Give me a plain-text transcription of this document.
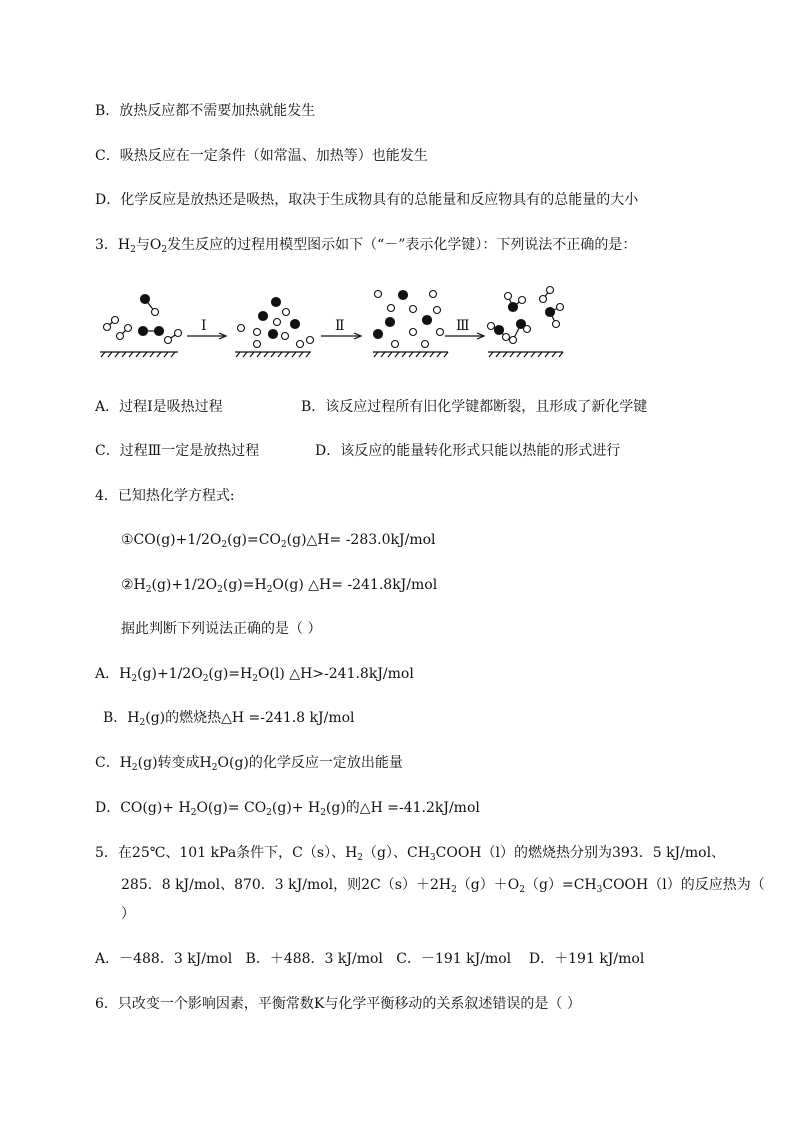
B．放热反应都不需要加热就能发生
C．吸热反应在一定条件（如常温、加热等）也能发生
D．化学反应是放热还是吸热，取决于生成物具有的总能量和反应物具有的总能量的大小
3．$H_2$与$O_2$发生反应的过程用模型图示如下（“－”表示化学键）：下列说法不正确的是：
Ⅰ	Ⅱ	Ⅲ
A．过程Ⅰ是吸热过程	B．该反应过程所有旧化学键都断裂，且形成了新化学键
C．过程Ⅲ一定是放热过程	D．该反应的能量转化形式只能以热能的形式进行
4．已知热化学方程式:
$①CO(g)+1/2O_2(g)=CO_2(g)\triangle H= -283.0kJ/mol$
$②H_2(g)+1/2O_2(g)=H_2O(g)$ △H= -241.8kJ/mol
据此判断下列说法正确的是（ ）
A．$H_2(g)+1/2O_2(g)=H_2O(l)$ △H>-241.8kJ/mol
B．$H_2(g)$的燃烧热△H =-241.8 kJ/mol
C．$H_2(g)$转变成$H_2O(g)$的化学反应一定放出能量
D．$CO(g)+ H_2O(g)= CO_2(g)+ H_2(g)$的△H =-41.2kJ/mol
5．在25℃、101 kPa条件下，C（s）、$H_2(g)$、$CH_3COOH(l)$的燃烧热分别为393．5 kJ/mol、
285．8 kJ/mol、870．3 kJ/mol，则$2C(s)+2H_2(g)+O_2(g)=CH_3COOH(l)$的反应热为（
）
A．－488．3 kJ/mol   B．＋488．3 kJ/mol   C．－191 kJ/mol    D．＋191 kJ/mol
6．只改变一个影响因素，平衡常数K与化学平衡移动的关系叙述错误的是（ ）
